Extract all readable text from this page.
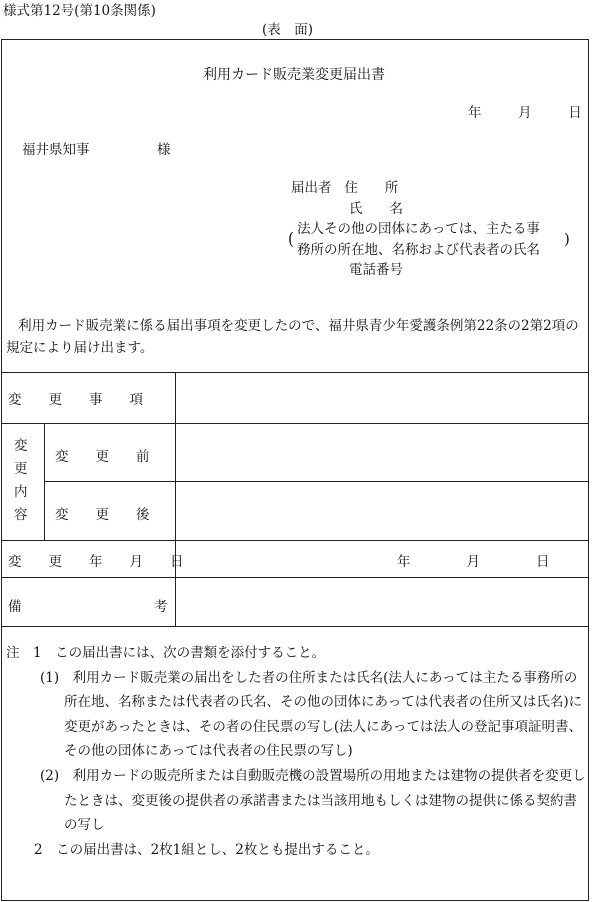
様式第12号(第10条関係)
(表　面)
利用カード販売業変更届出書
年	月	日
福井県知事　　　　　様
届出者 住　　所
氏　　名
(
法人その他の団体にあっては、主たる事
務所の所在地、名称および代表者の氏名
)
電話番号
利用カード販売業に係る届出事項を変更したので、福井県青少年愛護条例第22条の2第2項の規定により届け出ます。
変　　更　　事　　項
変
更
内
容
変　　更　　前
変　　更　　後
変　　更　　年　　月　　日	年	月	日
備	考

注　1　この届出書には、次の書類を添付すること。

(1)　利用カード販売業の届出をした者の住所または氏名(法人にあっては主たる事務所の所在地、名称または代表者の氏名、その他の団体にあっては代表者の住所又は氏名)に変更があったときは、その者の住民票の写し(法人にあっては法人の登記事項証明書、その他の団体にあっては代表者の住民票の写し)

(2)　利用カードの販売所または自動販売機の設置場所の用地または建物の提供者を変更したときは、変更後の提供者の承諾書または当該用地もしくは建物の提供に係る契約書の写し

2　この届出書は、2枚1組とし、2枚とも提出すること。
